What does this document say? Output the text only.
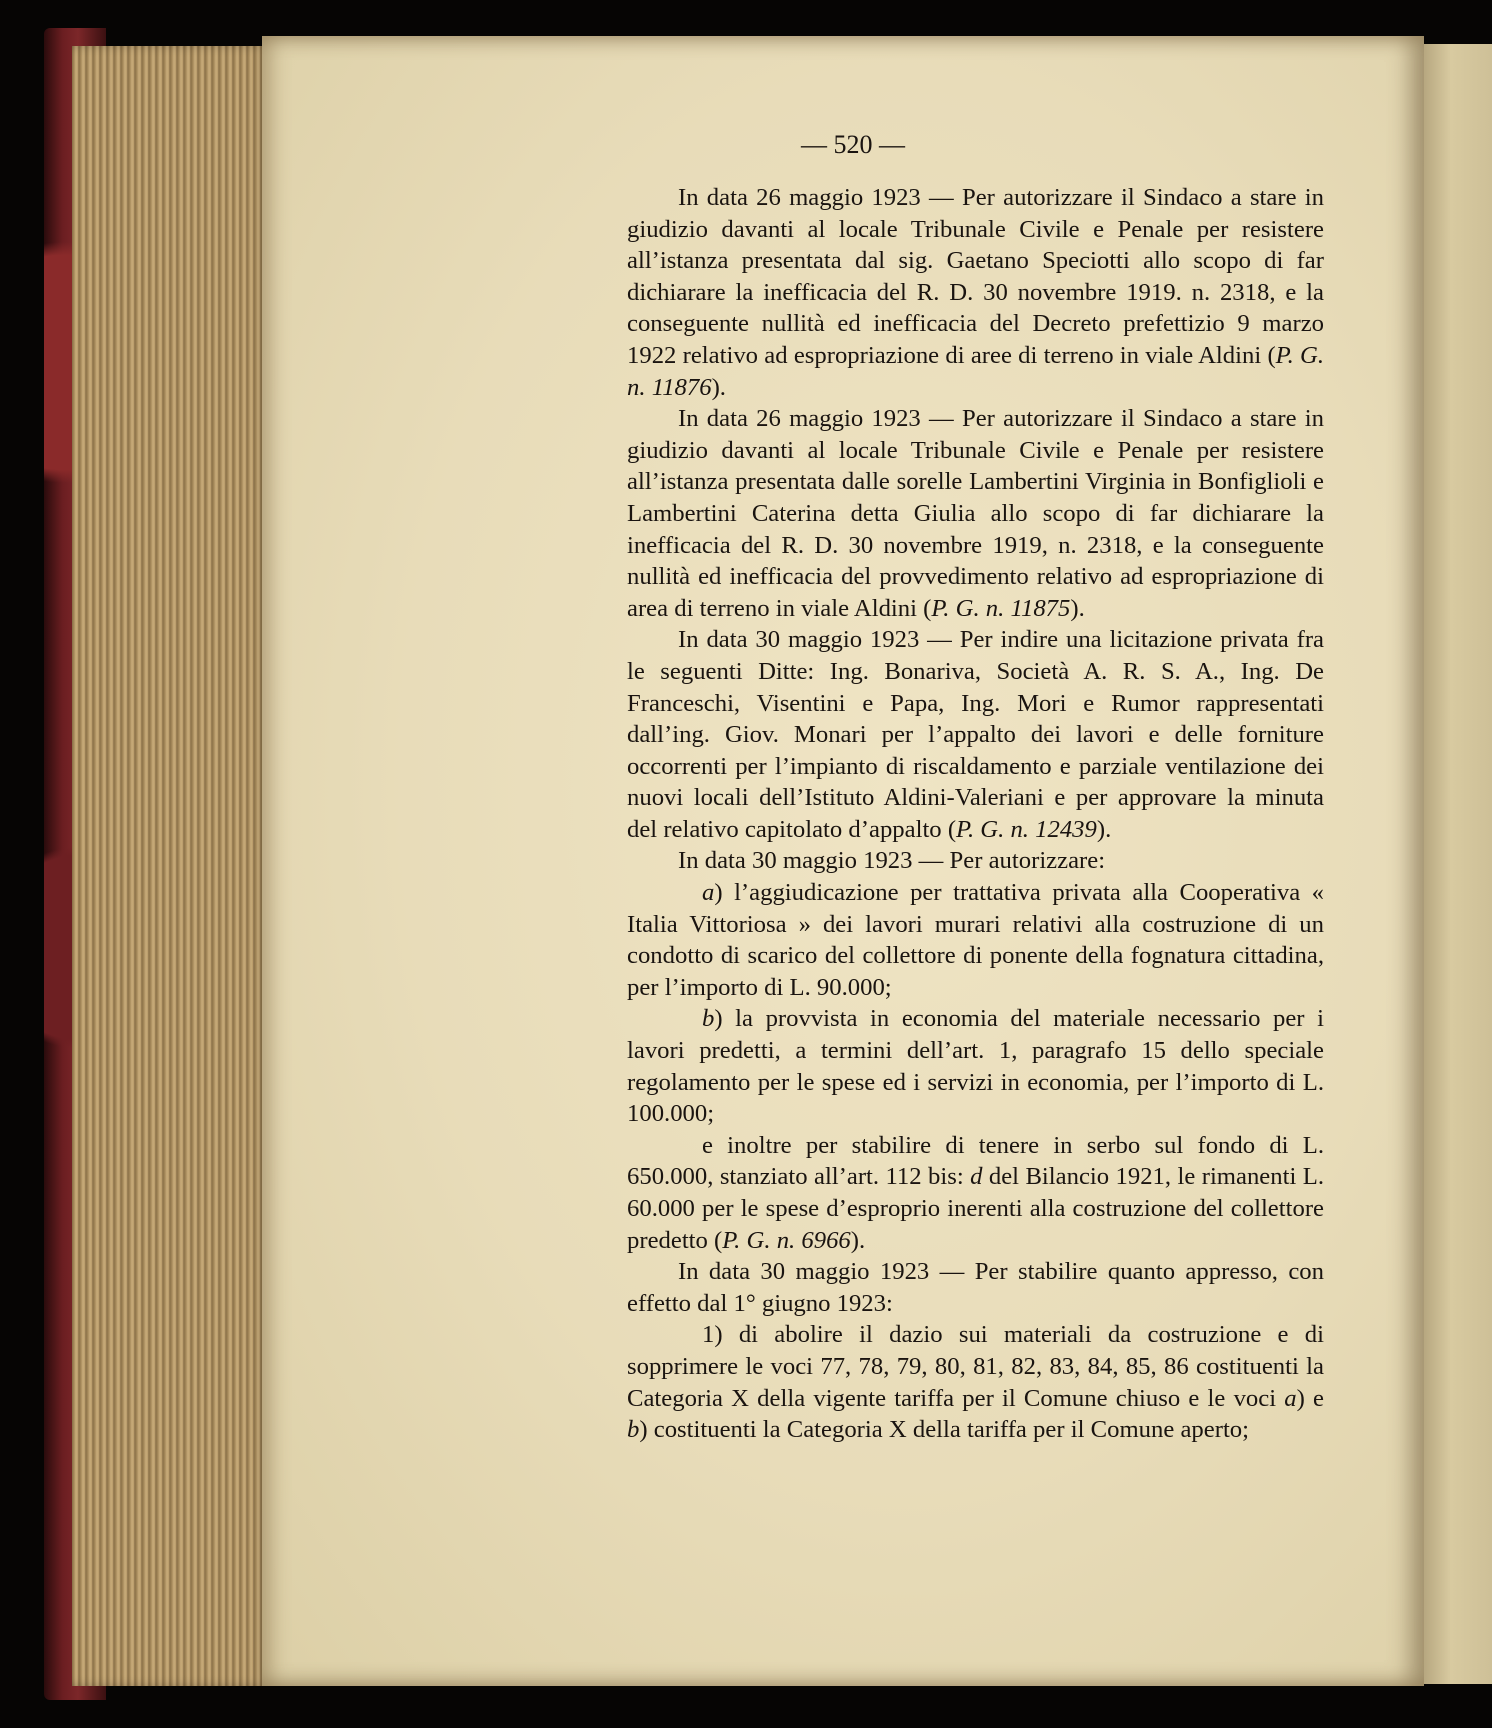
— 520 —

In data 26 maggio 1923 — Per autorizzare il Sindaco a stare in giudizio davanti al locale Tribunale Civile e Penale per resistere all’istanza presentata dal sig. Gaetano Speciotti allo scopo di far dichiarare la inefficacia del R. D. 30 novembre 1919. n. 2318, e la conseguente nullità ed inefficacia del Decreto prefettizio 9 marzo 1922 relativo ad espropriazione di aree di terreno in viale Aldini (P. G. n. 11876).

In data 26 maggio 1923 — Per autorizzare il Sindaco a stare in giudizio davanti al locale Tribunale Civile e Penale per resistere all’istanza presentata dalle sorelle Lambertini Virginia in Bonfiglioli e Lambertini Caterina detta Giulia allo scopo di far dichiarare la inefficacia del R. D. 30 novembre 1919, n. 2318, e la conseguente nullità ed inefficacia del provvedimento relativo ad espropriazione di area di terreno in viale Aldini (P. G. n. 11875).

In data 30 maggio 1923 — Per indire una licitazione privata fra le seguenti Ditte: Ing. Bonariva, Società A. R. S. A., Ing. De Franceschi, Visentini e Papa, Ing. Mori e Rumor rappresentati dall’ing. Giov. Monari per l’appalto dei lavori e delle forniture occorrenti per l’impianto di riscaldamento e parziale ventilazione dei nuovi locali dell’Istituto Aldini-Valeriani e per approvare la minuta del relativo capitolato d’appalto (P. G. n. 12439).

In data 30 maggio 1923 — Per autorizzare:

a) l’aggiudicazione per trattativa privata alla Cooperativa « Italia Vittoriosa » dei lavori murari relativi alla costruzione di un condotto di scarico del collettore di ponente della fognatura cittadina, per l’importo di L. 90.000;

b) la provvista in economia del materiale necessario per i lavori predetti, a termini dell’art. 1, paragrafo 15 dello speciale regolamento per le spese ed i servizi in economia, per l’importo di L. 100.000;

e inoltre per stabilire di tenere in serbo sul fondo di L. 650.000, stanziato all’art. 112 bis: d del Bilancio 1921, le rimanenti L. 60.000 per le spese d’esproprio inerenti alla costruzione del collettore predetto (P. G. n. 6966).

In data 30 maggio 1923 — Per stabilire quanto appresso, con effetto dal 1° giugno 1923:

1) di abolire il dazio sui materiali da costruzione e di sopprimere le voci 77, 78, 79, 80, 81, 82, 83, 84, 85, 86 costituenti la Categoria X della vigente tariffa per il Comune chiuso e le voci a) e b) costituenti la Categoria X della tariffa per il Comune aperto;
